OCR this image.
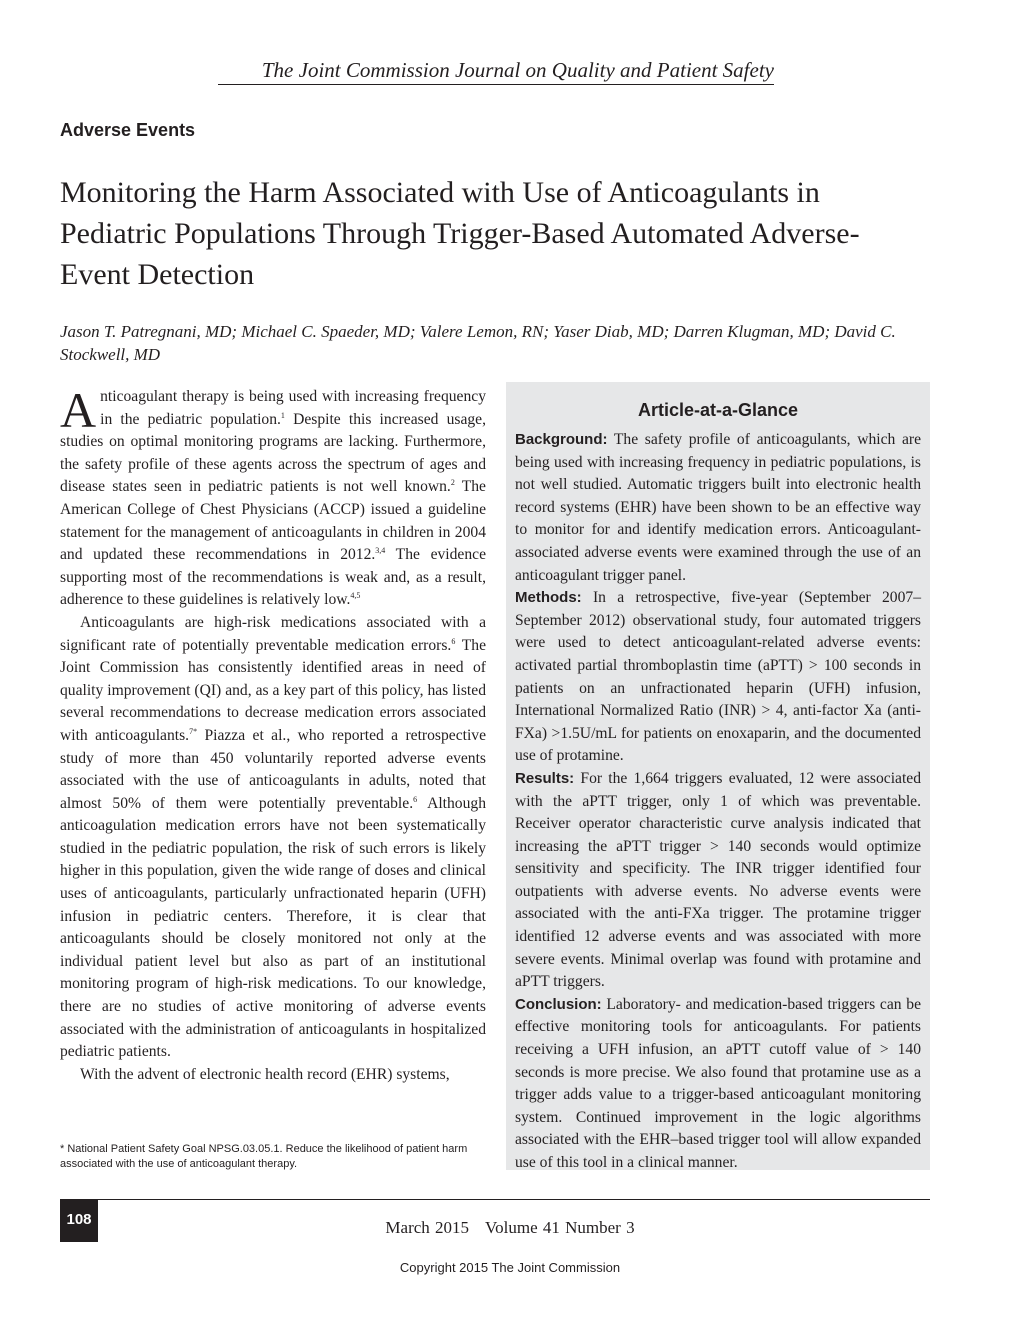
The Joint Commission Journal on Quality and Patient Safety
Adverse Events
Monitoring the Harm Associated with Use of Anticoagulants in Pediatric Populations Through Trigger-Based Automated Adverse-Event Detection
Jason T. Patregnani, MD; Michael C. Spaeder, MD; Valere Lemon, RN; Yaser Diab, MD; Darren Klugman, MD; David C. Stockwell, MD

Anticoagulant therapy is being used with increasing frequency in the pediatric population.$^1$ Despite this increased usage, studies on optimal monitoring programs are lacking. Furthermore, the safety profile of these agents across the spectrum of ages and disease states seen in pediatric patients is not well known.$^2$ The American College of Chest Physicians (ACCP) issued a guideline statement for the management of anticoagulants in children in 2004 and updated these recommendations in 2012.$^{3,4}$ The evidence supporting most of the recommendations is weak and, as a result, adherence to these guidelines is relatively low.$^{4,5}$

Anticoagulants are high-risk medications associated with a significant rate of potentially preventable medication errors.$^6$ The Joint Commission has consistently identified areas in need of quality improvement (QI) and, as a key part of this policy, has listed several recommendations to decrease medication errors associated with anticoagulants.$^{7*}$ Piazza et al., who reported a retrospective study of more than 450 voluntarily reported adverse events associated with the use of anticoagulants in adults, noted that almost 50% of them were potentially preventable.$^6$ Although anticoagulation medication errors have not been systematically studied in the pediatric population, the risk of such errors is likely higher in this population, given the wide range of doses and clinical uses of anticoagulants, particularly unfractionated heparin (UFH) infusion in pediatric centers. Therefore, it is clear that anticoagulants should be closely monitored not only at the individual patient level but also as part of an institutional monitoring program of high-risk medications. To our knowledge, there are no studies of active monitoring of adverse events associated with the administration of anticoagulants in hospitalized pediatric patients.

With the advent of electronic health record (EHR) systems,

* National Patient Safety Goal NPSG.03.05.1. Reduce the likelihood of patient harm associated with the use of anticoagulant therapy.
Article-at-a-Glance

Background: The safety profile of anticoagulants, which are being used with increasing frequency in pediatric populations, is not well studied. Automatic triggers built into electronic health record systems (EHR) have been shown to be an effective way to monitor for and identify medication errors. Anticoagulant-associated adverse events were examined through the use of an anticoagulant trigger panel.

Methods: In a retrospective, five-year (September 2007–September 2012) observational study, four automated triggers were used to detect anticoagulant-related adverse events: activated partial thromboplastin time (aPTT) > 100 seconds in patients on an unfractionated heparin (UFH) infusion, International Normalized Ratio (INR) > 4, anti-factor Xa (anti-FXa) >1.5U/mL for patients on enoxaparin, and the documented use of protamine.

Results: For the 1,664 triggers evaluated, 12 were associated with the aPTT trigger, only 1 of which was preventable. Receiver operator characteristic curve analysis indicated that increasing the aPTT trigger > 140 seconds would optimize sensitivity and specificity. The INR trigger identified four outpatients with adverse events. No adverse events were associated with the anti-FXa trigger. The protamine trigger identified 12 adverse events and was associated with more severe events. Minimal overlap was found with protamine and aPTT triggers.

Conclusion: Laboratory- and medication-based triggers can be effective monitoring tools for anticoagulants. For patients receiving a UFH infusion, an aPTT cutoff value of > 140 seconds is more precise. We also found that protamine use as a trigger adds value to a trigger-based anticoagulant monitoring system. Continued improvement in the logic algorithms associated with the EHR–based trigger tool will allow expanded use of this tool in a clinical manner.

108	March 2015 Volume 41 Number 3
Copyright 2015 The Joint Commission
